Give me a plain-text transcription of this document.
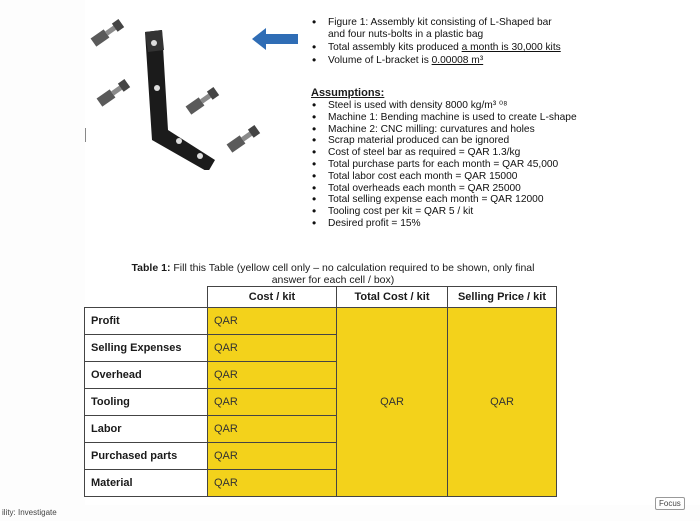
• Figure 1: Assembly kit consisting of L-Shaped bar
and four nuts-bolts in a plastic bag
• Total assembly kits produced a month is 30,000 kits
• Volume of L-bracket is 0.00008 m³
Assumptions:
• Steel is used with density 8000 kg/m³ ⁰⁸
• Machine 1: Bending machine is used to create L-shape
• Machine 2: CNC milling: curvatures and holes
• Scrap material produced can be ignored
• Cost of steel bar as required = QAR 1.3/kg
• Total purchase parts for each month = QAR 45,000
• Total labor cost each month = QAR 15000
• Total overheads each month = QAR 25000
• Total selling expense each month = QAR 12000
• Tooling cost per kit = QAR 5 / kit
• Desired profit = 15%
Table 1: Fill this Table (yellow cell only – no calculation required to be shown, only final
answer for each cell / box)
	Cost / kit	Total Cost / kit	Selling Price / kit
Profit	QAR	QAR	QAR
Selling Expenses	QAR		
Overhead	QAR		
Tooling	QAR		
Labor	QAR		
Purchased parts	QAR		
Material	QAR		
ility: Investigate
Focus
